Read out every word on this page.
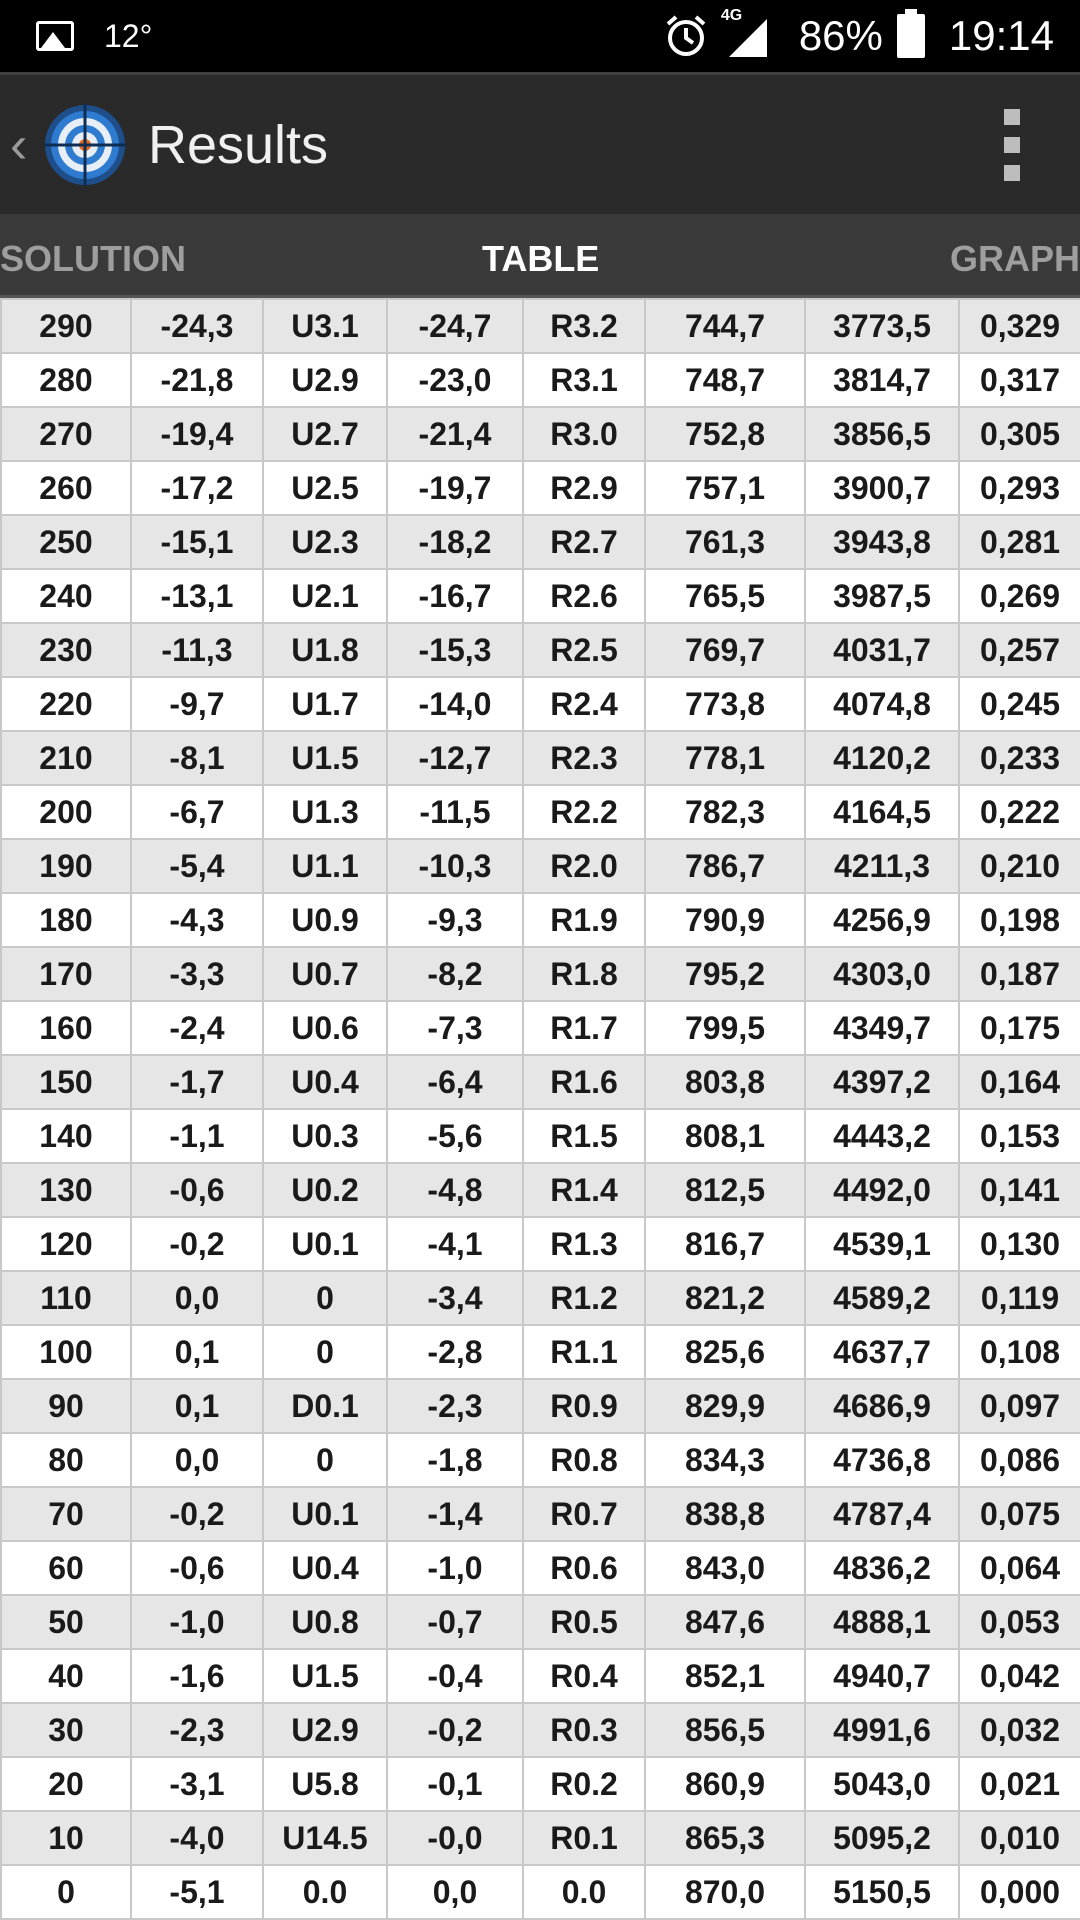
12°
4G 86% 19:14
‹ Results
SOLUTION	TABLE	GRAPH
290	-24,3	U3.1	-24,7	R3.2	744,7	3773,5	0,329
280	-21,8	U2.9	-23,0	R3.1	748,7	3814,7	0,317
270	-19,4	U2.7	-21,4	R3.0	752,8	3856,5	0,305
260	-17,2	U2.5	-19,7	R2.9	757,1	3900,7	0,293
250	-15,1	U2.3	-18,2	R2.7	761,3	3943,8	0,281
240	-13,1	U2.1	-16,7	R2.6	765,5	3987,5	0,269
230	-11,3	U1.8	-15,3	R2.5	769,7	4031,7	0,257
220	-9,7	U1.7	-14,0	R2.4	773,8	4074,8	0,245
210	-8,1	U1.5	-12,7	R2.3	778,1	4120,2	0,233
200	-6,7	U1.3	-11,5	R2.2	782,3	4164,5	0,222
190	-5,4	U1.1	-10,3	R2.0	786,7	4211,3	0,210
180	-4,3	U0.9	-9,3	R1.9	790,9	4256,9	0,198
170	-3,3	U0.7	-8,2	R1.8	795,2	4303,0	0,187
160	-2,4	U0.6	-7,3	R1.7	799,5	4349,7	0,175
150	-1,7	U0.4	-6,4	R1.6	803,8	4397,2	0,164
140	-1,1	U0.3	-5,6	R1.5	808,1	4443,2	0,153
130	-0,6	U0.2	-4,8	R1.4	812,5	4492,0	0,141
120	-0,2	U0.1	-4,1	R1.3	816,7	4539,1	0,130
110	0,0	0	-3,4	R1.2	821,2	4589,2	0,119
100	0,1	0	-2,8	R1.1	825,6	4637,7	0,108
90	0,1	D0.1	-2,3	R0.9	829,9	4686,9	0,097
80	0,0	0	-1,8	R0.8	834,3	4736,8	0,086
70	-0,2	U0.1	-1,4	R0.7	838,8	4787,4	0,075
60	-0,6	U0.4	-1,0	R0.6	843,0	4836,2	0,064
50	-1,0	U0.8	-0,7	R0.5	847,6	4888,1	0,053
40	-1,6	U1.5	-0,4	R0.4	852,1	4940,7	0,042
30	-2,3	U2.9	-0,2	R0.3	856,5	4991,6	0,032
20	-3,1	U5.8	-0,1	R0.2	860,9	5043,0	0,021
10	-4,0	U14.5	-0,0	R0.1	865,3	5095,2	0,010
0	-5,1	0.0	0,0	0.0	870,0	5150,5	0,000
